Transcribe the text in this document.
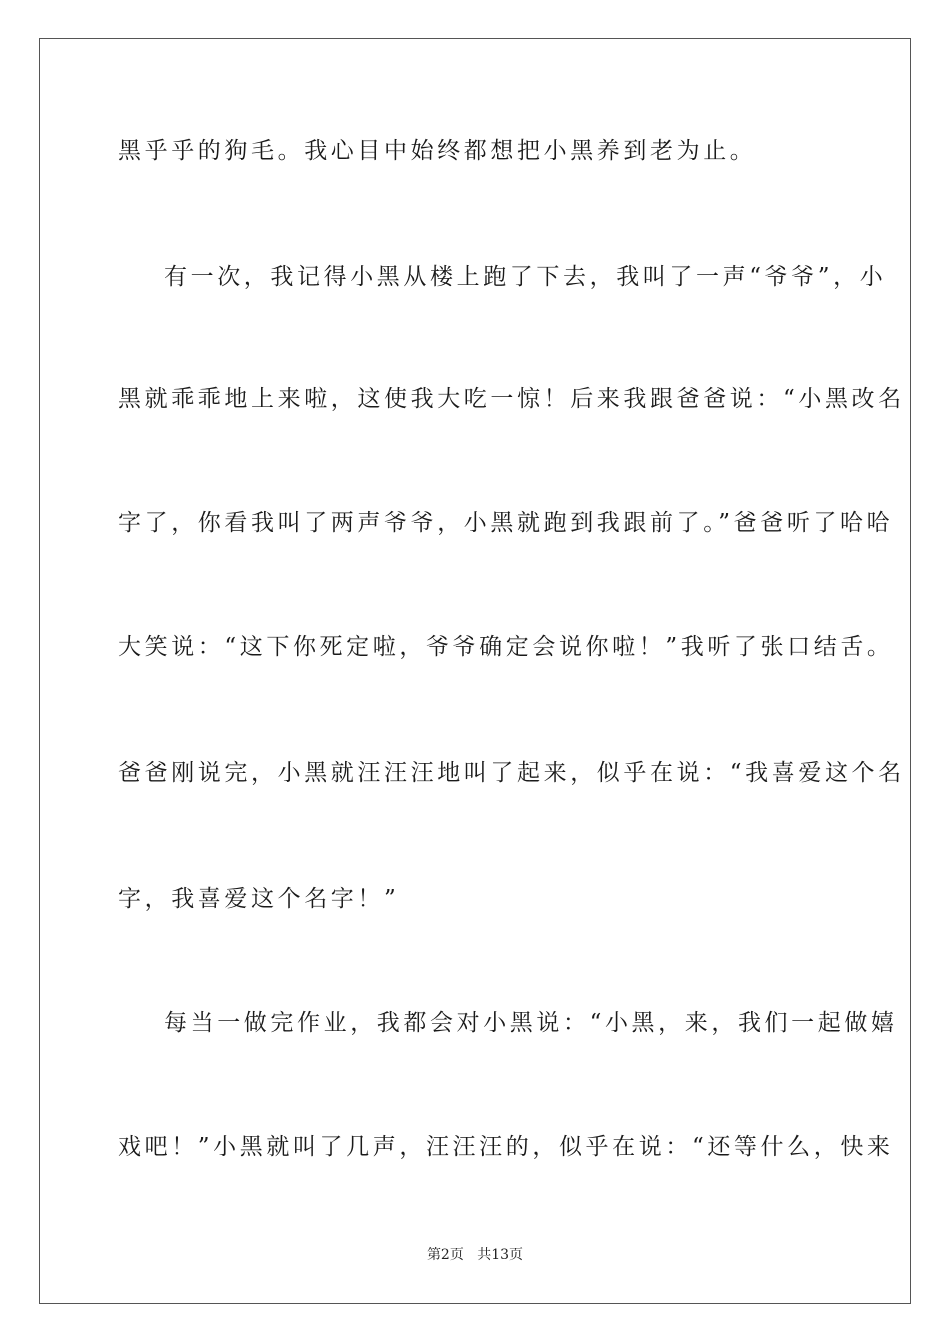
黑乎乎的狗毛。我心目中始终都想把小黑养到老为止。
有一次，我记得小黑从楼上跑了下去，我叫了一声“爷爷”，小
黑就乖乖地上来啦，这使我大吃一惊！后来我跟爸爸说：“小黑改名
字了，你看我叫了两声爷爷，小黑就跑到我跟前了。”爸爸听了哈哈
大笑说：“这下你死定啦，爷爷确定会说你啦！”我听了张口结舌。
爸爸刚说完，小黑就汪汪汪地叫了起来，似乎在说：“我喜爱这个名
字，我喜爱这个名字！”
每当一做完作业，我都会对小黑说：“小黑，来，我们一起做嬉
戏吧！”小黑就叫了几声，汪汪汪的，似乎在说：“还等什么，快来
第2页 共13页
